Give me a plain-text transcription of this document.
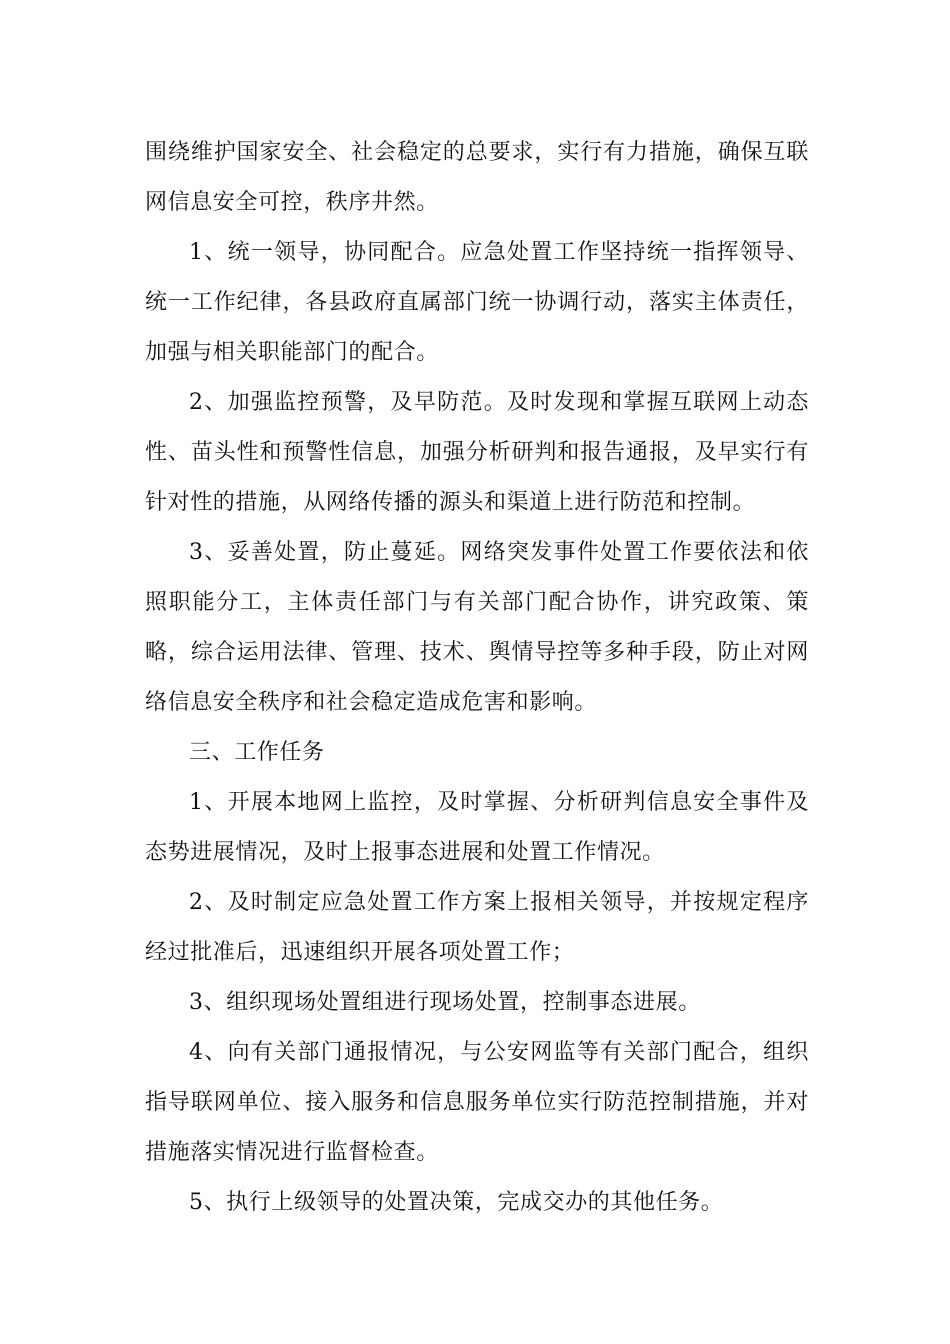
围绕维护国家安全、社会稳定的总要求，实行有力措施，确保互联网信息安全可控，秩序井然。

1、统一领导，协同配合。应急处置工作坚持统一指挥领导、统一工作纪律，各县政府直属部门统一协调行动，落实主体责任，加强与相关职能部门的配合。

2、加强监控预警，及早防范。及时发现和掌握互联网上动态性、苗头性和预警性信息，加强分析研判和报告通报，及早实行有针对性的措施，从网络传播的源头和渠道上进行防范和控制。

3、妥善处置，防止蔓延。网络突发事件处置工作要依法和依照职能分工，主体责任部门与有关部门配合协作，讲究政策、策略，综合运用法律、管理、技术、舆情导控等多种手段，防止对网络信息安全秩序和社会稳定造成危害和影响。

三、工作任务

1、开展本地网上监控，及时掌握、分析研判信息安全事件及态势进展情况，及时上报事态进展和处置工作情况。

2、及时制定应急处置工作方案上报相关领导，并按规定程序经过批准后，迅速组织开展各项处置工作；

3、组织现场处置组进行现场处置，控制事态进展。

4、向有关部门通报情况，与公安网监等有关部门配合，组织指导联网单位、接入服务和信息服务单位实行防范控制措施，并对措施落实情况进行监督检查。

5、执行上级领导的处置决策，完成交办的其他任务。
